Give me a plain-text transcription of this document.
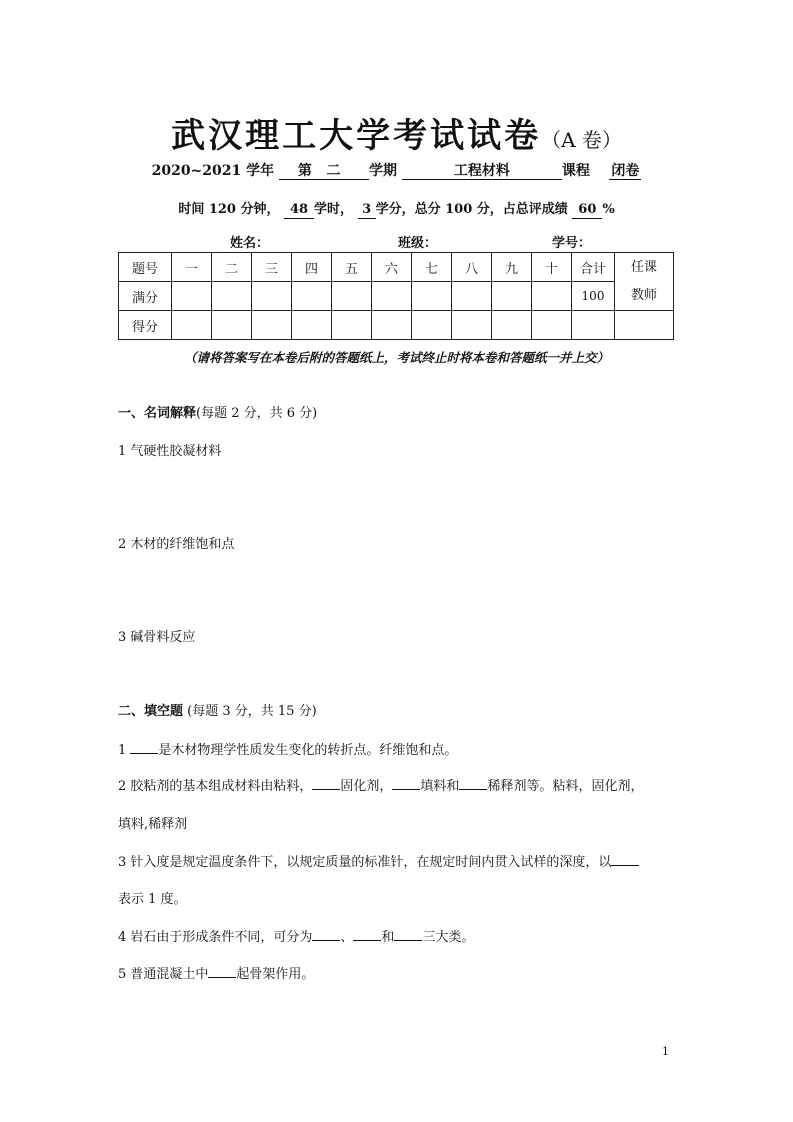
武汉理工大学考试试卷（A 卷）
2020~2021 学年 第 二 学期	工程材料	课程 闭卷
时间 120 分钟， 48 学时， 3 学分，总分 100 分，占总评成绩 60 %
姓名：	班级：	学号：
题号	一	二	三	四	五	六	七	八	九	十	合计	任课
教师

满分											100	
得分												
（请将答案写在本卷后附的答题纸上，考试终止时将本卷和答题纸一并上交）
一、名词解释(每题 2 分，共 6 分)
1 气硬性胶凝材料
2 木材的纤维饱和点
3 碱骨料反应
二、填空题 (每题 3 分，共 15 分)
1 是木材物理学性质发生变化的转折点。纤维饱和点。
2 胶粘剂的基本组成材料由粘料， 固化剂， 填料和 稀释剂等。粘料，固化剂，
填料,稀释剂
3 针入度是规定温度条件下，以规定质量的标准针，在规定时间内贯入试样的深度，以
表示 1 度。
4 岩石由于形成条件不同，可分为 、 和 三大类。
5 普通混凝土中 起骨架作用。
1
